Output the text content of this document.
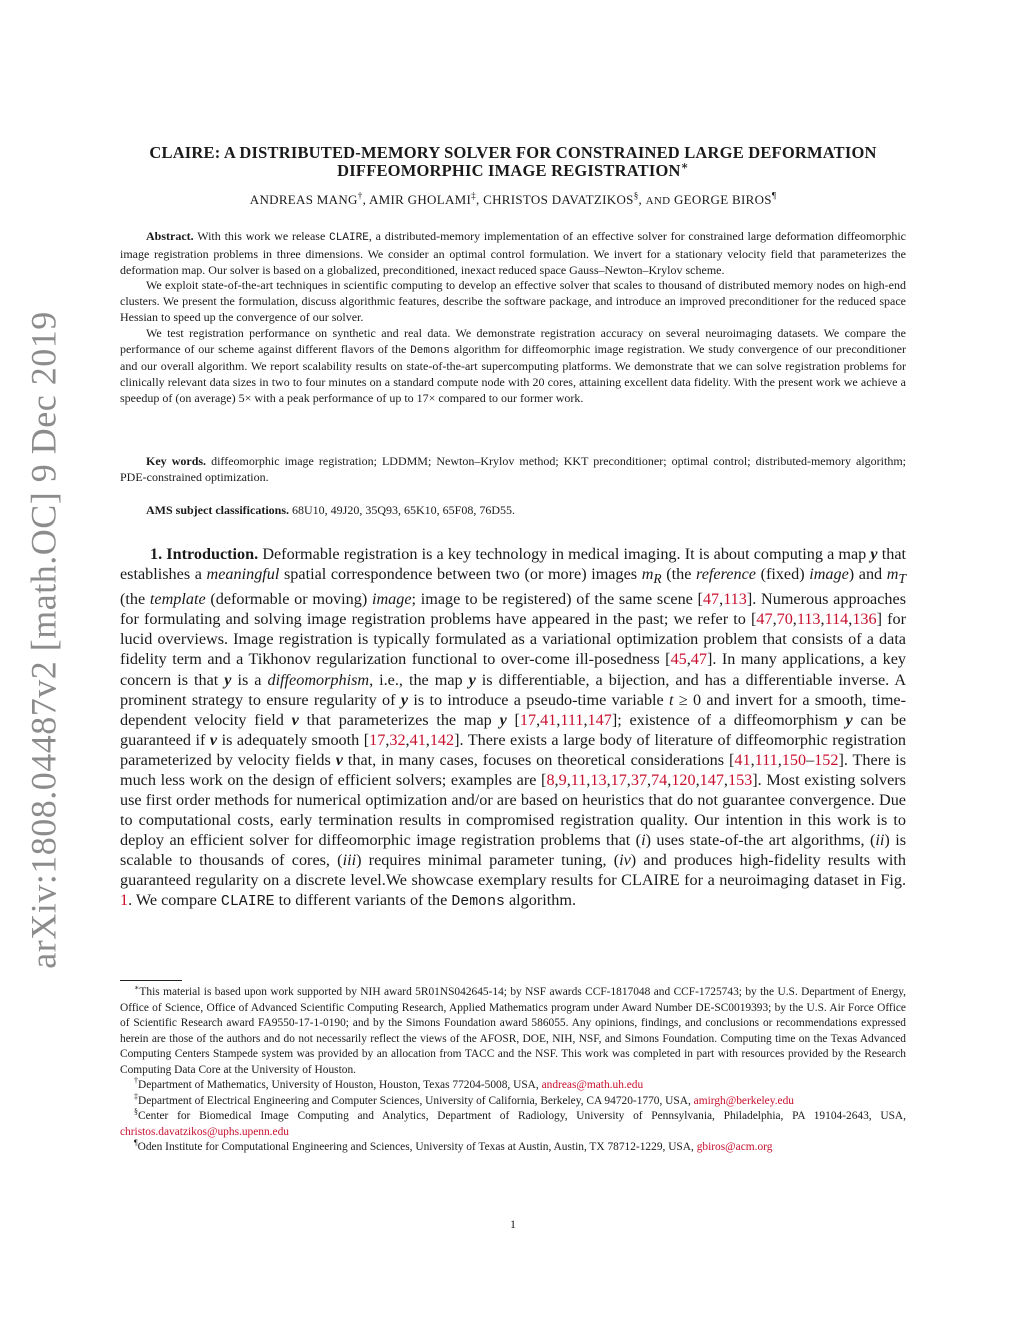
arXiv:1808.04487v2 [math.OC] 9 Dec 2019
CLAIRE: A DISTRIBUTED-MEMORY SOLVER FOR CONSTRAINED LARGE DEFORMATION
DIFFEOMORPHIC IMAGE REGISTRATION∗
ANDREAS MANG†, AMIR GHOLAMI‡, CHRISTOS DAVATZIKOS§, AND GEORGE BIROS¶

Abstract. With this work we release CLAIRE, a distributed-memory implementation of an effective solver for constrained large deformation diffeomorphic image registration problems in three dimensions. We consider an optimal control formulation. We invert for a stationary velocity field that parameterizes the deformation map. Our solver is based on a globalized, preconditioned, inexact reduced space Gauss–Newton–Krylov scheme.

We exploit state-of-the-art techniques in scientific computing to develop an effective solver that scales to thousand of distributed memory nodes on high-end clusters. We present the formulation, discuss algorithmic features, describe the software package, and introduce an improved preconditioner for the reduced space Hessian to speed up the convergence of our solver.

We test registration performance on synthetic and real data. We demonstrate registration accuracy on several neuroimaging datasets. We compare the performance of our scheme against different flavors of the Demons algorithm for diffeomorphic image registration. We study convergence of our preconditioner and our overall algorithm. We report scalability results on state-of-the-art supercomputing platforms. We demonstrate that we can solve registration problems for clinically relevant data sizes in two to four minutes on a standard compute node with 20 cores, attaining excellent data fidelity. With the present work we achieve a speedup of (on average) 5× with a peak performance of up to 17× compared to our former work.

Key words. diffeomorphic image registration; LDDMM; Newton–Krylov method; KKT preconditioner; optimal control; distributed-memory algorithm; PDE-constrained optimization.
AMS subject classifications. 68U10, 49J20, 35Q93, 65K10, 65F08, 76D55.
1. Introduction. Deformable registration is a key technology in medical imaging. It is about computing a map y that establishes a meaningful spatial correspondence between two (or more) images $m_R$ (the reference (fixed) image) and $m_T$ (the template (deformable or moving) image; image to be registered) of the same scene [47,113]. Numerous approaches for formulating and solving image registration problems have appeared in the past; we refer to [47,70,113,114,136] for lucid overviews. Image registration is typically formulated as a variational optimization problem that consists of a data fidelity term and a Tikhonov regularization functional to over-come ill-posedness [45,47]. In many applications, a key concern is that y is a diffeomorphism, i.e., the map y is differentiable, a bijection, and has a differentiable inverse. A prominent strategy to ensure regularity of y is to introduce a pseudo-time variable t ≥ 0 and invert for a smooth, time-dependent velocity field v that parameterizes the map y [17,41,111,147]; existence of a diffeomorphism y can be guaranteed if v is adequately smooth [17,32,41,142]. There exists a large body of literature of diffeomorphic registration parameterized by velocity fields v that, in many cases, focuses on theoretical considerations [41,111,150–152]. There is much less work on the design of efficient solvers; examples are [8,9,11,13,17,37,74,120,147,153]. Most existing solvers use first order methods for numerical optimization and/or are based on heuristics that do not guarantee convergence. Due to computational costs, early termination results in compromised registration quality. Our intention in this work is to deploy an efficient solver for diffeomorphic image registration problems that (i) uses state-of-the art algorithms, (ii) is scalable to thousands of cores, (iii) requires minimal parameter tuning, (iv) and produces high-fidelity results with guaranteed regularity on a discrete level.We showcase exemplary results for CLAIRE for a neuroimaging dataset in Fig. 1. We compare CLAIRE to different variants of the Demons algorithm.

∗This material is based upon work supported by NIH award 5R01NS042645-14; by NSF awards CCF-1817048 and CCF-1725743; by the U.S. Department of Energy, Office of Science, Office of Advanced Scientific Computing Research, Applied Mathematics program under Award Number DE-SC0019393; by the U.S. Air Force Office of Scientific Research award FA9550-17-1-0190; and by the Simons Foundation award 586055. Any opinions, findings, and conclusions or recommendations expressed herein are those of the authors and do not necessarily reflect the views of the AFOSR, DOE, NIH, NSF, and Simons Foundation. Computing time on the Texas Advanced Computing Centers Stampede system was provided by an allocation from TACC and the NSF. This work was completed in part with resources provided by the Research Computing Data Core at the University of Houston.

†Department of Mathematics, University of Houston, Houston, Texas 77204-5008, USA, andreas@math.uh.edu

‡Department of Electrical Engineering and Computer Sciences, University of California, Berkeley, CA 94720-1770, USA, amirgh@berkeley.edu

§Center for Biomedical Image Computing and Analytics, Department of Radiology, University of Pennsylvania, Philadelphia, PA 19104-2643, USA, christos.davatzikos@uphs.upenn.edu

¶Oden Institute for Computational Engineering and Sciences, University of Texas at Austin, Austin, TX 78712-1229, USA, gbiros@acm.org

1
